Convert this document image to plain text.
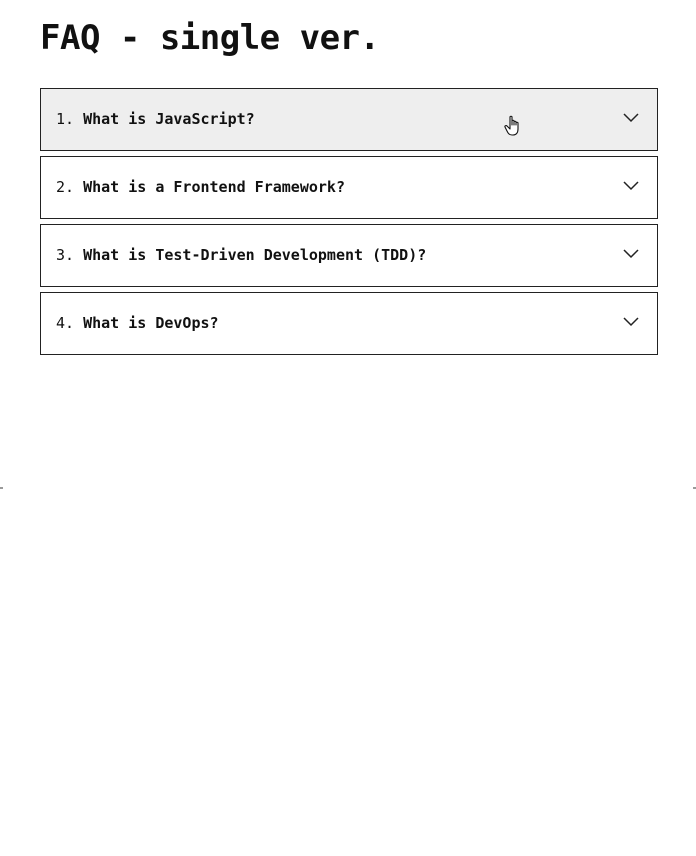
FAQ - single ver.
1. What is JavaScript?
2. What is a Frontend Framework?
3. What is Test-Driven Development (TDD)?
4. What is DevOps?
